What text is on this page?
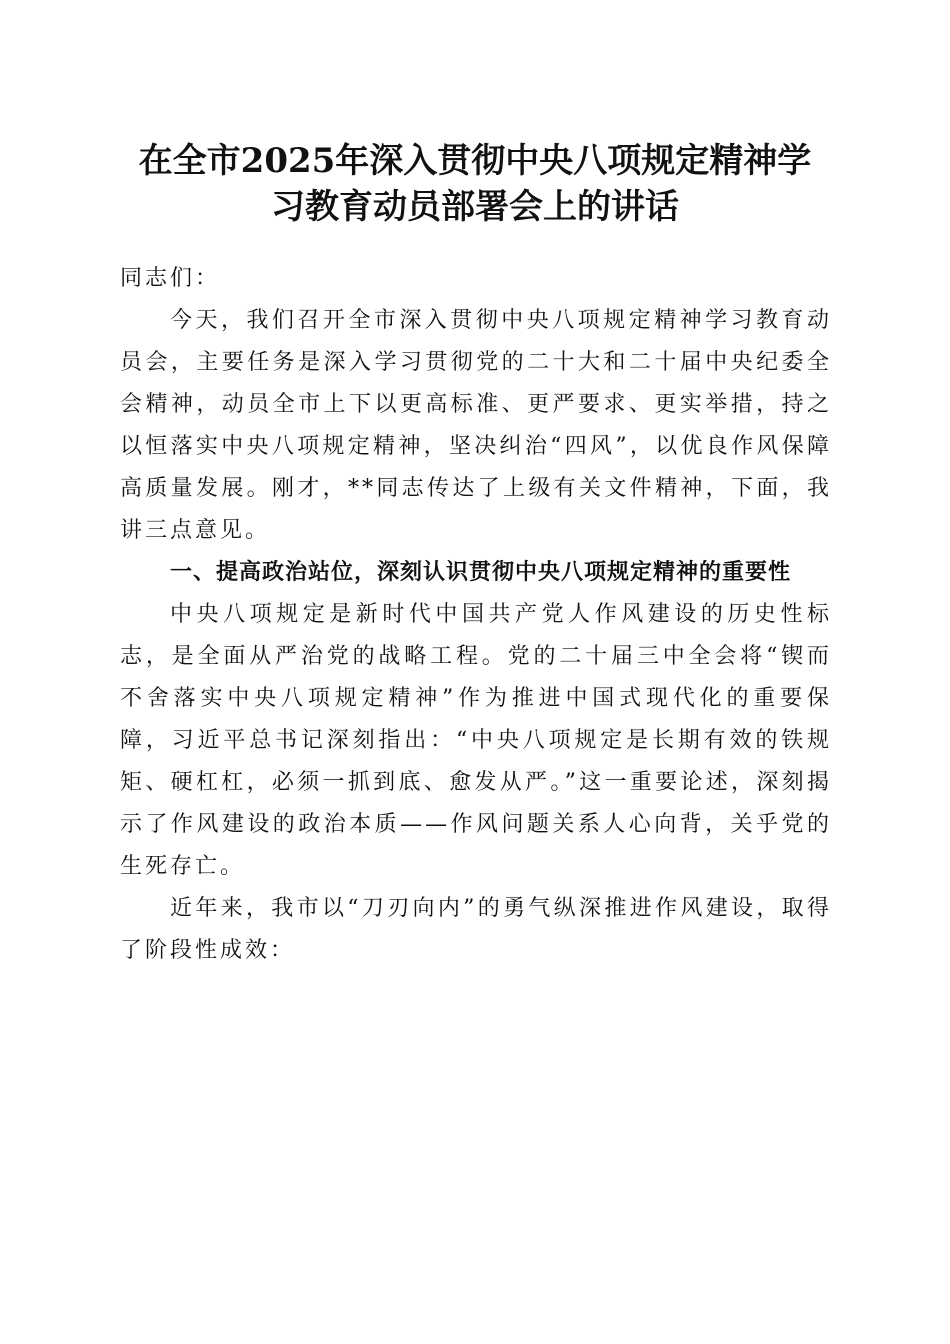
在全市2025年深入贯彻中央八项规定精神学
习教育动员部署会上的讲话

同志们：

今天，我们召开全市深入贯彻中央八项规定精神学习教育动员会，主要任务是深入学习贯彻党的二十大和二十届中央纪委全会精神，动员全市上下以更高标准、更严要求、更实举措，持之以恒落实中央八项规定精神，坚决纠治“四风”，以优良作风保障高质量发展。刚才，**同志传达了上级有关文件精神，下面，我讲三点意见。

一、提高政治站位，深刻认识贯彻中央八项规定精神的重要性

中央八项规定是新时代中国共产党人作风建设的历史性标志，是全面从严治党的战略工程。党的二十届三中全会将“锲而不舍落实中央八项规定精神”作为推进中国式现代化的重要保障，习近平总书记深刻指出：“中央八项规定是长期有效的铁规矩、硬杠杠，必须一抓到底、愈发从严。”这一重要论述，深刻揭示了作风建设的政治本质——作风问题关系人心向背，关乎党的生死存亡。

近年来，我市以“刀刃向内”的勇气纵深推进作风建设，取得了阶段性成效：
